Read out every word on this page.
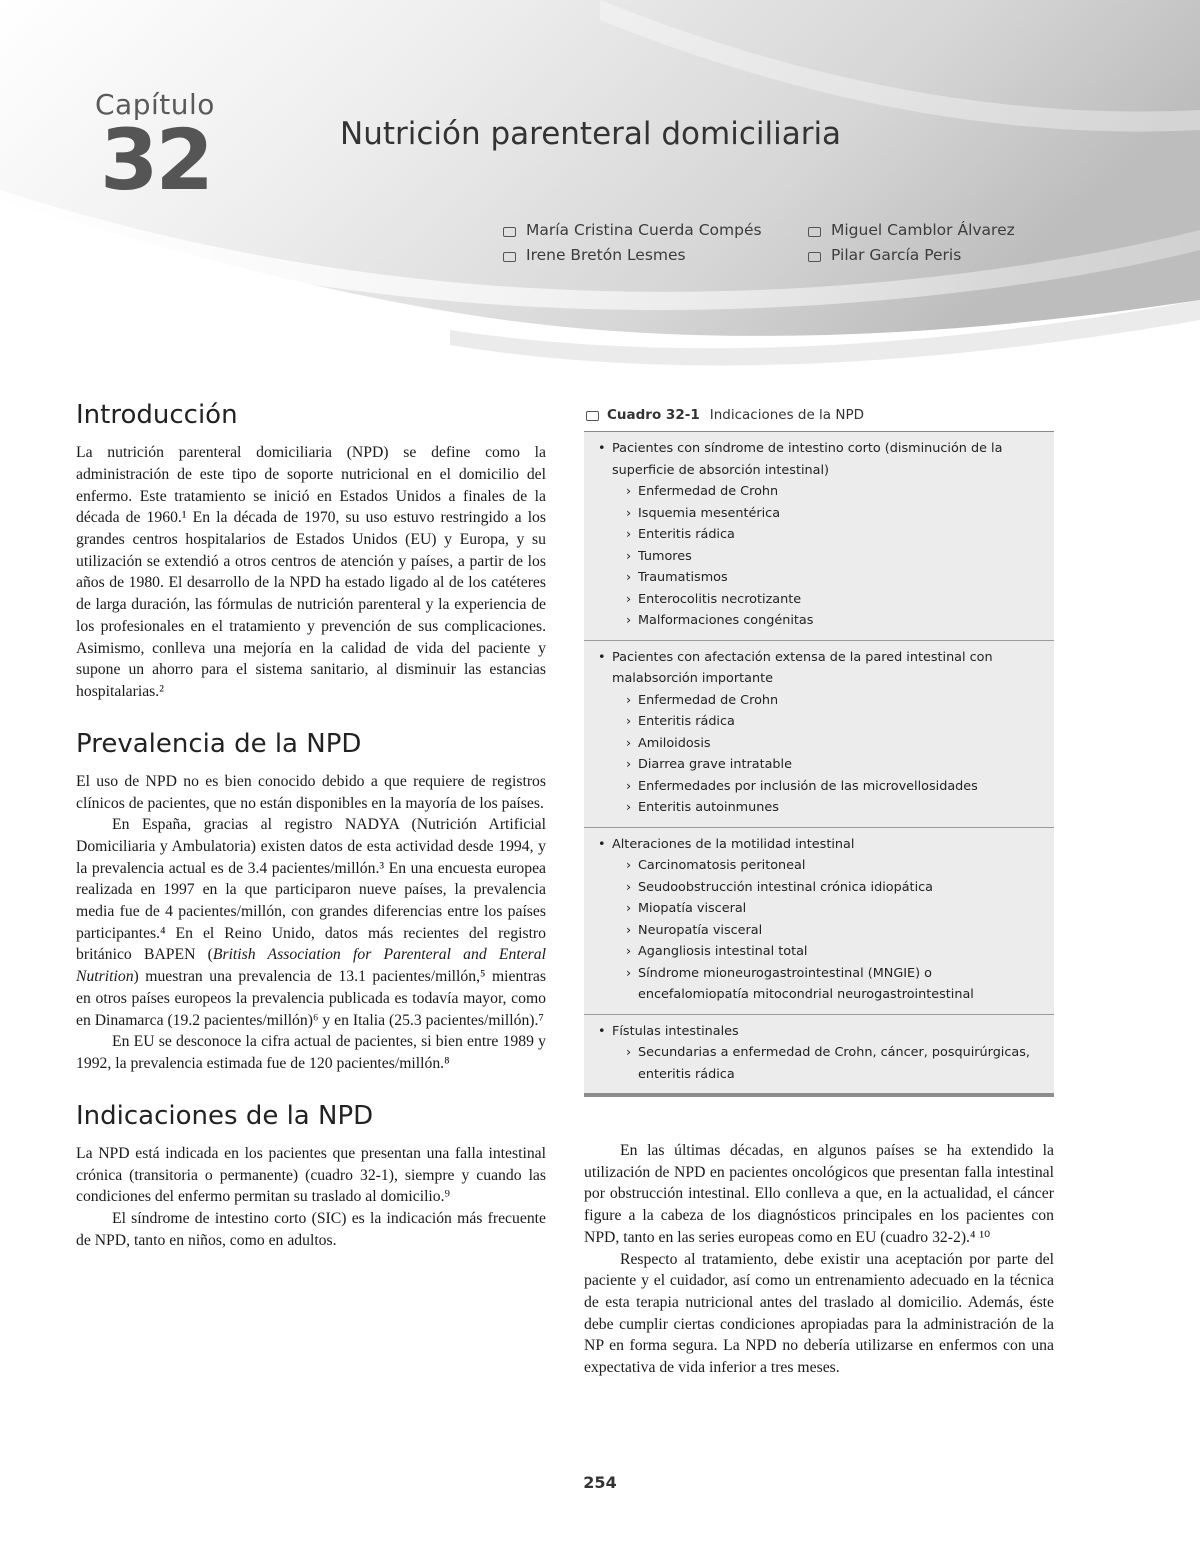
Capítulo
32	Nutrición parenteral domiciliaria
María Cristina Cuerda Compés	Miguel Camblor Álvarez
Irene Bretón Lesmes	Pilar García Peris
Introducción

La nutrición parenteral domiciliaria (NPD) se define como la administración de este tipo de soporte nutricional en el domicilio del enfermo. Este tratamiento se inició en Estados Unidos a finales de la década de 1960.¹ En la década de 1970, su uso estuvo restringido a los grandes centros hospitalarios de Estados Unidos (EU) y Europa, y su utilización se extendió a otros centros de atención y países, a partir de los años de 1980. El desarrollo de la NPD ha estado ligado al de los catéteres de larga duración, las fórmulas de nutrición parenteral y la experiencia de los profesionales en el tratamiento y prevención de sus complicaciones. Asimismo, conlleva una mejoría en la calidad de vida del paciente y supone un ahorro para el sistema sanitario, al disminuir las estancias hospitalarias.²

Prevalencia de la NPD

El uso de NPD no es bien conocido debido a que requiere de registros clínicos de pacientes, que no están disponibles en la mayoría de los países.

En España, gracias al registro NADYA (Nutrición Artificial Domiciliaria y Ambulatoria) existen datos de esta actividad desde 1994, y la prevalencia actual es de 3.4 pacientes/millón.³ En una encuesta europea realizada en 1997 en la que participaron nueve países, la prevalencia media fue de 4 pacientes/millón, con grandes diferencias entre los países participantes.⁴ En el Reino Unido, datos más recientes del registro británico BAPEN (British Association for Parenteral and Enteral Nutrition) muestran una prevalencia de 13.1 pacientes/millón,⁵ mientras en otros países europeos la prevalencia publicada es todavía mayor, como en Dinamarca (19.2 pacientes/millón)⁶ y en Italia (25.3 pacientes/millón).⁷

En EU se desconoce la cifra actual de pacientes, si bien entre 1989 y 1992, la prevalencia estimada fue de 120 pacientes/millón.⁸

Indicaciones de la NPD

La NPD está indicada en los pacientes que presentan una falla intestinal crónica (transitoria o permanente) (cuadro 32-1), siempre y cuando las condiciones del enfermo permitan su traslado al domicilio.⁹

El síndrome de intestino corto (SIC) es la indicación más frecuente de NPD, tanto en niños, como en adultos.

Cuadro 32-1 Indicaciones de la NPD
• Pacientes con síndrome de intestino corto (disminución de la superficie de absorción intestinal)
› Enfermedad de Crohn
› Isquemia mesentérica
› Enteritis rádica
› Tumores
› Traumatismos
› Enterocolitis necrotizante
› Malformaciones congénitas
• Pacientes con afectación extensa de la pared intestinal con malabsorción importante
› Enfermedad de Crohn
› Enteritis rádica
› Amiloidosis
› Diarrea grave intratable
› Enfermedades por inclusión de las microvellosidades
› Enteritis autoinmunes
• Alteraciones de la motilidad intestinal
› Carcinomatosis peritoneal
› Seudoobstrucción intestinal crónica idiopática
› Miopatía visceral
› Neuropatía visceral
› Agangliosis intestinal total
› Síndrome mioneurogastrointestinal (MNGIE) o encefalomiopatía mitocondrial neurogastrointestinal
• Fístulas intestinales
› Secundarias a enfermedad de Crohn, cáncer, posquirúrgicas, enteritis rádica

En las últimas décadas, en algunos países se ha extendido la utilización de NPD en pacientes oncológicos que presentan falla intestinal por obstrucción intestinal. Ello conlleva a que, en la actualidad, el cáncer figure a la cabeza de los diagnósticos principales en los pacientes con NPD, tanto en las series europeas como en EU (cuadro 32-2).⁴ ¹⁰

Respecto al tratamiento, debe existir una aceptación por parte del paciente y el cuidador, así como un entrenamiento adecuado en la técnica de esta terapia nutricional antes del traslado al domicilio. Además, éste debe cumplir ciertas condiciones apropiadas para la administración de la NP en forma segura. La NPD no debería utilizarse en enfermos con una expectativa de vida inferior a tres meses.

254
